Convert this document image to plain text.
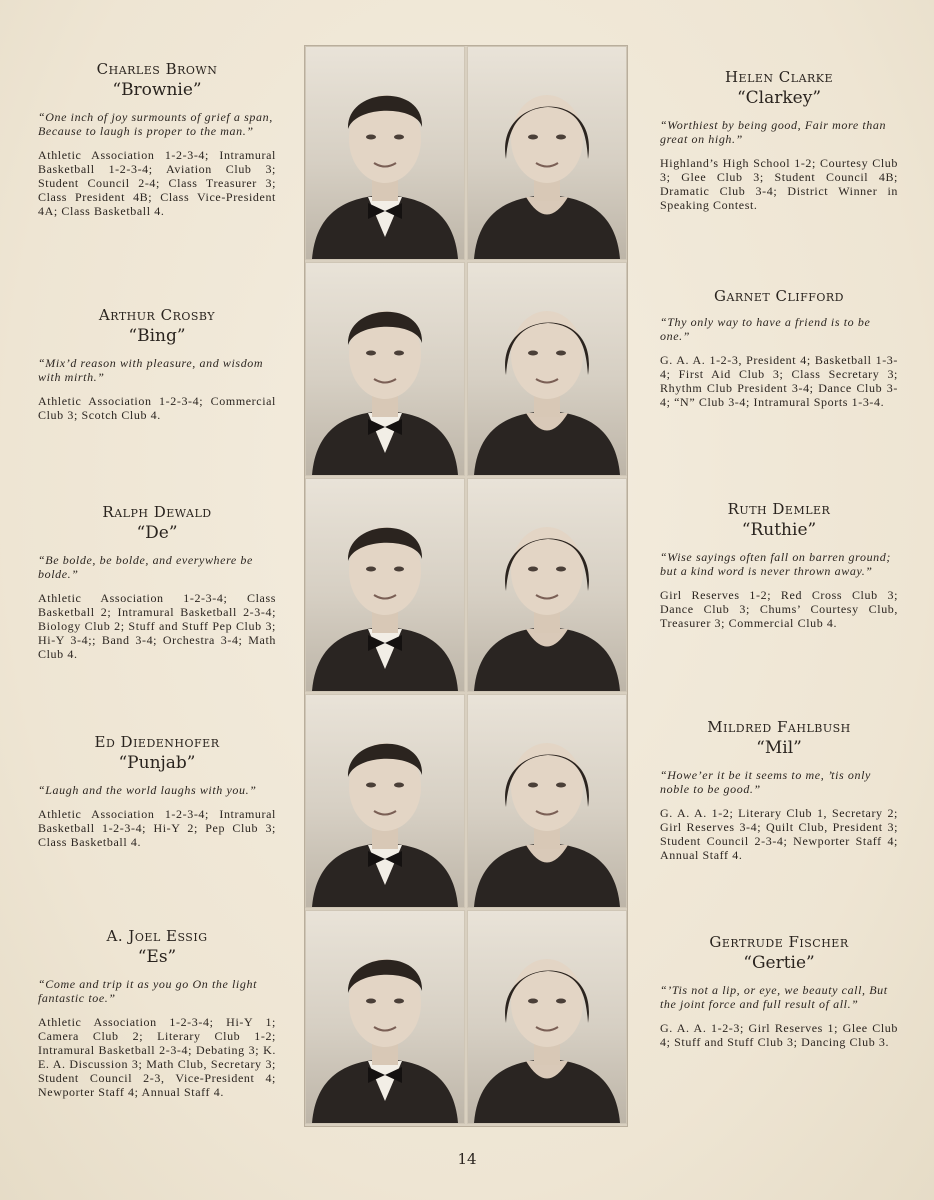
Charles Brown
“Brownie”

“One inch of joy surmounts of grief a span, Because to laugh is proper to the man.”

Athletic Association 1-2-3-4; Intramural Basketball 1-2-3-4; Aviation Club 3; Student Council 2-4; Class Treasurer 3; Class President 4B; Class Vice-President 4A; Class Basketball 4.

Arthur Crosby
“Bing”

“Mix’d reason with pleasure, and wisdom with mirth.”

Athletic Association 1-2-3-4; Commercial Club 3; Scotch Club 4.

Ralph Dewald
“De”

“Be bolde, be bolde, and everywhere be bolde.”

Athletic Association 1-2-3-4; Class Basketball 2; Intramural Basketball 2-3-4; Biology Club 2; Stuff and Stuff Pep Club 3; Hi-Y 3-4;; Band 3-4; Orchestra 3-4; Math Club 4.

Ed Diedenhofer
“Punjab”

“Laugh and the world laughs with you.”

Athletic Association 1-2-3-4; Intramural Basketball 1-2-3-4; Hi-Y 2; Pep Club 3; Class Basketball 4.

A. Joel Essig
“Es”

“Come and trip it as you go On the light fantastic toe.”

Athletic Association 1-2-3-4; Hi-Y 1; Camera Club 2; Literary Club 1-2; Intramural Basketball 2-3-4; Debating 3; K. E. A. Discussion 3; Math Club, Secretary 3; Student Council 2-3, Vice-President 4; Newporter Staff 4; Annual Staff 4.

Helen Clarke
“Clarkey”

“Worthiest by being good, Fair more than great on high.”

Highland’s High School 1-2; Courtesy Club 3; Glee Club 3; Student Council 4B; Dramatic Club 3-4; District Winner in Speaking Contest.

Garnet Clifford

“Thy only way to have a friend is to be one.”

G. A. A. 1-2-3, President 4; Basketball 1-3-4; First Aid Club 3; Class Secretary 3; Rhythm Club President 3-4; Dance Club 3-4; “N” Club 3-4; Intramural Sports 1-3-4.

Ruth Demler
“Ruthie”

“Wise sayings often fall on barren ground; but a kind word is never thrown away.”

Girl Reserves 1-2; Red Cross Club 3; Dance Club 3; Chums’ Courtesy Club, Treasurer 3; Commercial Club 4.

Mildred Fahlbush
“Mil”

“Howe’er it be it seems to me, ’tis only noble to be good.”

G. A. A. 1-2; Literary Club 1, Secretary 2; Girl Reserves 3-4; Quilt Club, President 3; Student Council 2-3-4; Newporter Staff 4; Annual Staff 4.

Gertrude Fischer
“Gertie”

“’Tis not a lip, or eye, we beauty call, But the joint force and full result of all.”

G. A. A. 1-2-3; Girl Reserves 1; Glee Club 4; Stuff and Stuff Club 3; Dancing Club 3.

14
